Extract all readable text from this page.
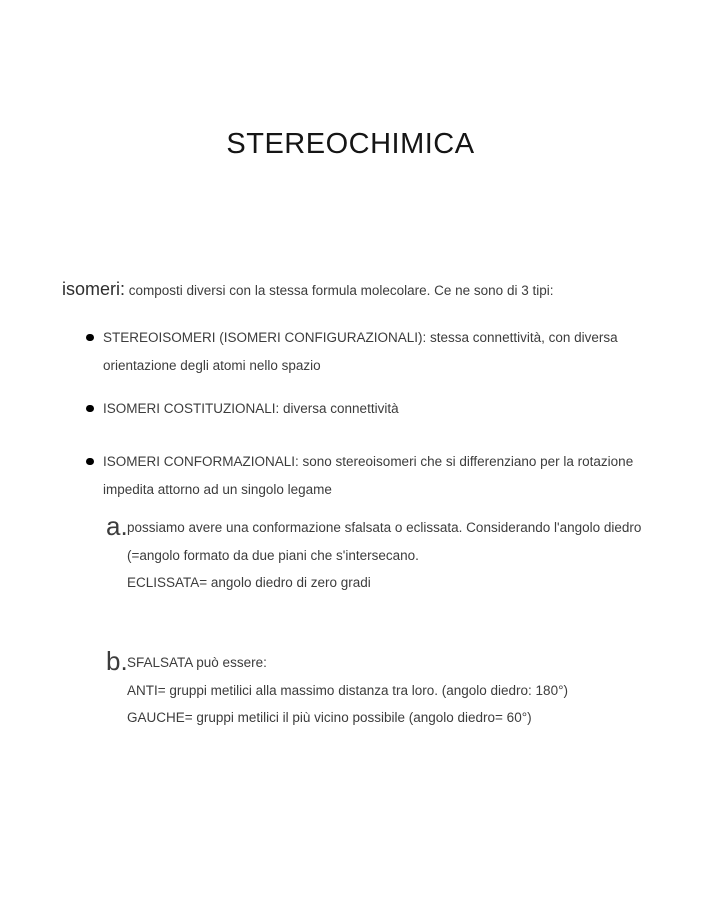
STEREOCHIMICA

isomeri: composti diversi con la stessa formula molecolare. Ce ne sono di 3 tipi:

STEREOISOMERI (ISOMERI CONFIGURAZIONALI): stessa connettività, con diversa orientazione degli atomi nello spazio
ISOMERI COSTITUZIONALI: diversa connettività
ISOMERI CONFORMAZIONALI: sono stereoisomeri che si differenziano per la rotazione impedita attorno ad un singolo legame
a. possiamo avere una conformazione sfalsata o eclissata. Considerando l'angolo diedro (=angolo formato da due piani che s'intersecano.

ECLISSATA= angolo diedro di zero gradi

b. SFALSATA può essere:

ANTI= gruppi metilici alla massimo distanza tra loro. (angolo diedro: 180°)

GAUCHE= gruppi metilici il più vicino possibile (angolo diedro= 60°)
